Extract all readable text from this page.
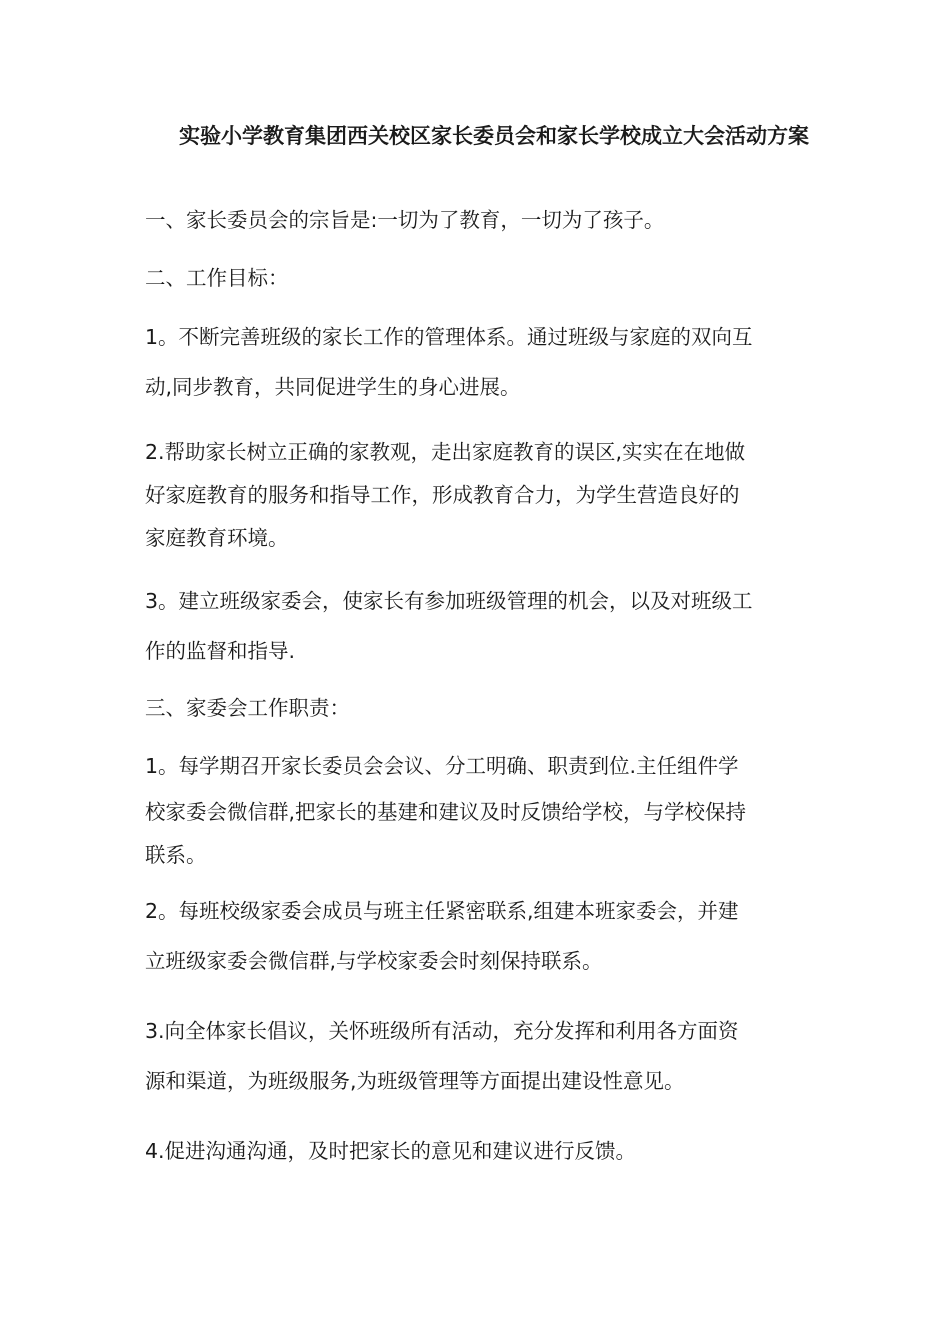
实验小学教育集团西关校区家长委员会和家长学校成立大会活动方案

一、家长委员会的宗旨是:一切为了教育，一切为了孩子。

二、工作目标：

1。不断完善班级的家长工作的管理体系。通过班级与家庭的双向互
动,同步教育，共同促进学生的身心进展。

2.帮助家长树立正确的家教观，走出家庭教育的误区,实实在在地做
好家庭教育的服务和指导工作，形成教育合力，为学生营造良好的
家庭教育环境。

3。建立班级家委会，使家长有参加班级管理的机会，以及对班级工
作的监督和指导.

三、家委会工作职责：

1。每学期召开家长委员会会议、分工明确、职责到位.主任组件学
校家委会微信群,把家长的基建和建议及时反馈给学校，与学校保持
联系。

2。每班校级家委会成员与班主任紧密联系,组建本班家委会，并建
立班级家委会微信群,与学校家委会时刻保持联系。

3.向全体家长倡议，关怀班级所有活动，充分发挥和利用各方面资
源和渠道，为班级服务,为班级管理等方面提出建设性意见。

4.促进沟通沟通，及时把家长的意见和建议进行反馈。
